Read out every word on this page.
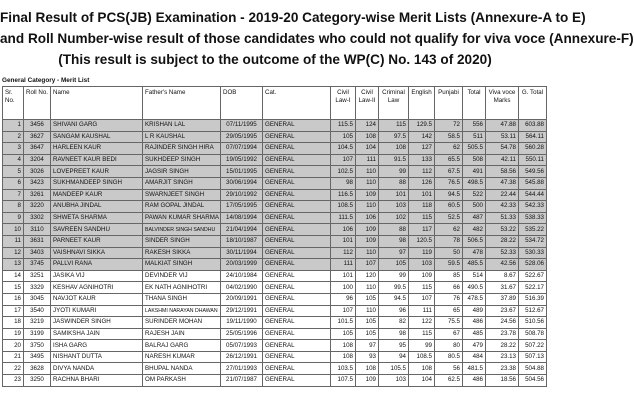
Final Result of PCS(JB) Examination - 2019-20 Category-wise Merit Lists (Annexure-A to E)
and Roll Number-wise result of those candidates who could not qualify for viva voce (Annexure-F)
(This result is subject to the outcome of the WP(C) No. 143 of 2020)
General Category - Merit List
Sr. No.	Roll No.	Name	Father's Name	DOB	Cat.	Civil Law-I	Civil Law-II	Criminal Law	English	Punjabi	Total	Viva voce Marks	G. Total
1	3456	SHIVANI GARG	KRISHAN LAL	07/11/1995	GENERAL	115.5	124	115	129.5	72	556	47.88	603.88
2	3627	SANGAM KAUSHAL	L R KAUSHAL	29/05/1995	GENERAL	105	108	97.5	142	58.5	511	53.11	564.11
3	3647	HARLEEN KAUR	RAJINDER SINGH HIRA	07/07/1994	GENERAL	104.5	104	108	127	62	505.5	54.78	560.28
4	3204	RAVNEET KAUR BEDI	SUKHDEEP SINGH	19/05/1992	GENERAL	107	111	91.5	133	65.5	508	42.11	550.11
5	3026	LOVEPREET KAUR	JAGSIR SINGH	15/01/1995	GENERAL	102.5	110	99	112	67.5	491	58.56	549.56
6	3423	SUKHMANDEEP SINGH	AMARJIT SINGH	30/06/1994	GENERAL	98	110	88	126	76.5	498.5	47.38	545.88
7	3261	MANDEEP KAUR	SWARNJEET SINGH	29/10/1992	GENERAL	116.5	109	101	101	94.5	522	22.44	544.44
8	3220	ANUBHA JINDAL	RAM GOPAL JINDAL	17/05/1995	GENERAL	108.5	110	103	118	60.5	500	42.33	542.33
9	3302	SHWETA SHARMA	PAWAN KUMAR SHARMA	14/08/1994	GENERAL	111.5	106	102	115	52.5	487	51.33	538.33
10	3110	SAVREEN SANDHU	BALVINDER SINGH SANDHU	21/04/1994	GENERAL	106	109	88	117	62	482	53.22	535.22
11	3631	PARNEET KAUR	SINDER SINGH	18/10/1987	GENERAL	101	109	98	120.5	78	506.5	28.22	534.72
12	3403	VAISHNAVI SIKKA	RAKESH SIKKA	30/11/1994	GENERAL	112	110	97	119	50	478	52.33	530.33
13	3745	PALLVI RANA	MALKIAT SINGH	20/03/1999	GENERAL	111	107	105	103	59.5	485.5	42.56	528.06
14	3251	JASIKA VIJ	DEVINDER VIJ	24/10/1984	GENERAL	101	120	99	109	85	514	8.67	522.67
15	3329	KESHAV AGNIHOTRI	EK NATH AGNIHOTRI	04/02/1990	GENERAL	100	110	99.5	115	66	490.5	31.67	522.17
16	3045	NAVJOT KAUR	THANA SINGH	20/09/1991	GENERAL	96	105	94.5	107	76	478.5	37.89	516.39
17	3540	JYOTI KUMARI	LAKSHMI NARAYAN DHAWAN	29/12/1991	GENERAL	107	110	96	111	65	489	23.67	512.67
18	3219	JASWINDER SINGH	SURINDER MOHAN	19/11/1990	GENERAL	101.5	105	82	122	75.5	486	24.56	510.56
19	3199	SAMIKSHA JAIN	RAJESH JAIN	25/05/1996	GENERAL	105	105	98	115	67	485	23.78	508.78
20	3750	ISHA GARG	BALRAJ GARG	05/07/1993	GENERAL	108	97	95	99	80	479	28.22	507.22
21	3495	NISHANT DUTTA	NARESH KUMAR	26/12/1991	GENERAL	108	93	94	108.5	80.5	484	23.13	507.13
22	3628	DIVYA NANDA	BHUPAL NANDA	27/01/1993	GENERAL	103.5	108	105.5	108	56	481.5	23.38	504.88
23	3250	RACHNA BHARI	OM PARKASH	21/07/1987	GENERAL	107.5	109	103	104	62.5	486	18.56	504.56
